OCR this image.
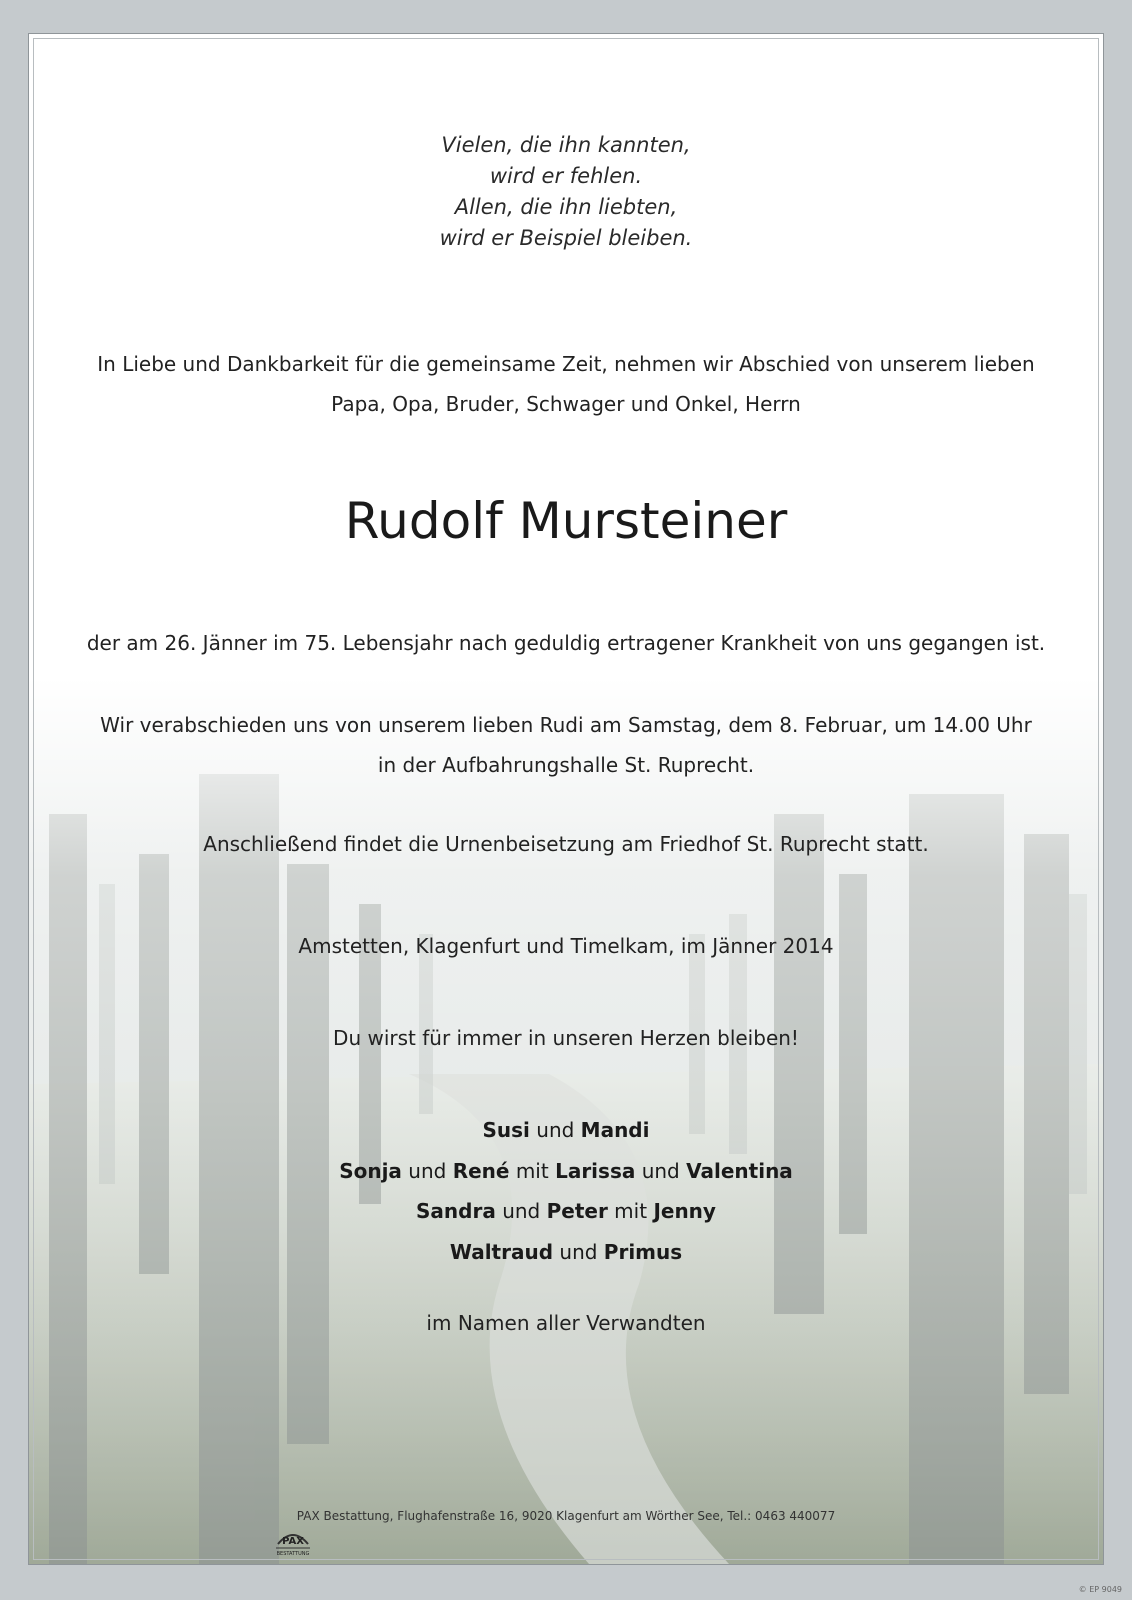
Vielen, die ihn kannten,
wird er fehlen.
Allen, die ihn liebten,
wird er Beispiel bleiben.
In Liebe und Dankbarkeit für die gemeinsame Zeit, nehmen wir Abschied von unserem lieben
Papa, Opa, Bruder, Schwager und Onkel, Herrn
Rudolf Mursteiner
der am 26. Jänner im 75. Lebensjahr nach geduldig ertragener Krankheit von uns gegangen ist.
Wir verabschieden uns von unserem lieben Rudi am Samstag, dem 8. Februar, um 14.00 Uhr
in der Aufbahrungshalle St. Ruprecht.
Anschließend findet die Urnenbeisetzung am Friedhof St. Ruprecht statt.
Amstetten, Klagenfurt und Timelkam, im Jänner 2014
Du wirst für immer in unseren Herzen bleiben!
Susi und Mandi
Sonja und René mit Larissa und Valentina
Sandra und Peter mit Jenny
Waltraud und Primus
im Namen aller Verwandten
PAX
BESTATTUNG
PAX Bestattung, Flughafenstraße 16, 9020 Klagenfurt am Wörther See, Tel.: 0463 440077
© EP 9049
